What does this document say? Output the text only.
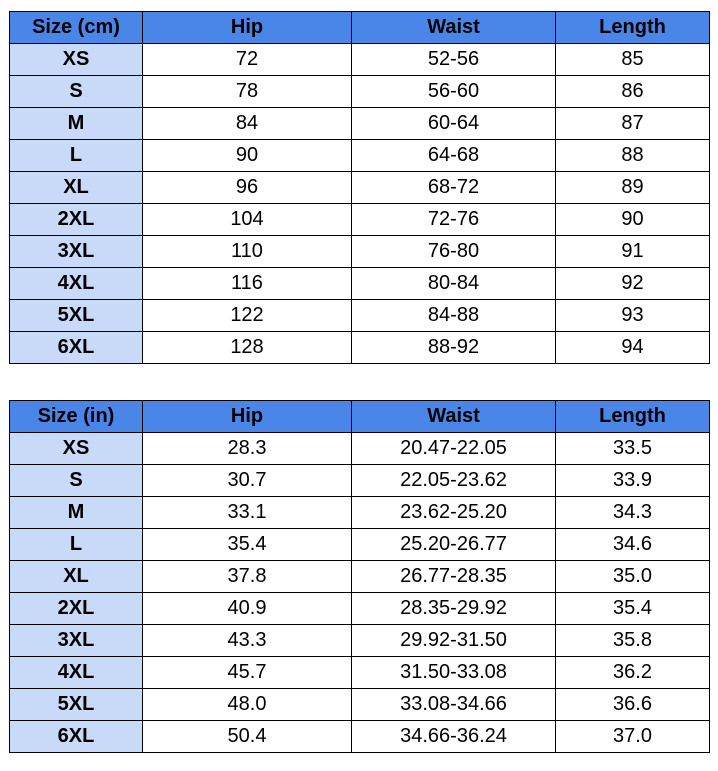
Size (cm)	Hip	Waist	Length
XS	72	52-56	85
S	78	56-60	86
M	84	60-64	87
L	90	64-68	88
XL	96	68-72	89
2XL	104	72-76	90
3XL	110	76-80	91
4XL	116	80-84	92
5XL	122	84-88	93
6XL	128	88-92	94
Size (in)	Hip	Waist	Length
XS	28.3	20.47-22.05	33.5
S	30.7	22.05-23.62	33.9
M	33.1	23.62-25.20	34.3
L	35.4	25.20-26.77	34.6
XL	37.8	26.77-28.35	35.0
2XL	40.9	28.35-29.92	35.4
3XL	43.3	29.92-31.50	35.8
4XL	45.7	31.50-33.08	36.2
5XL	48.0	33.08-34.66	36.6
6XL	50.4	34.66-36.24	37.0
